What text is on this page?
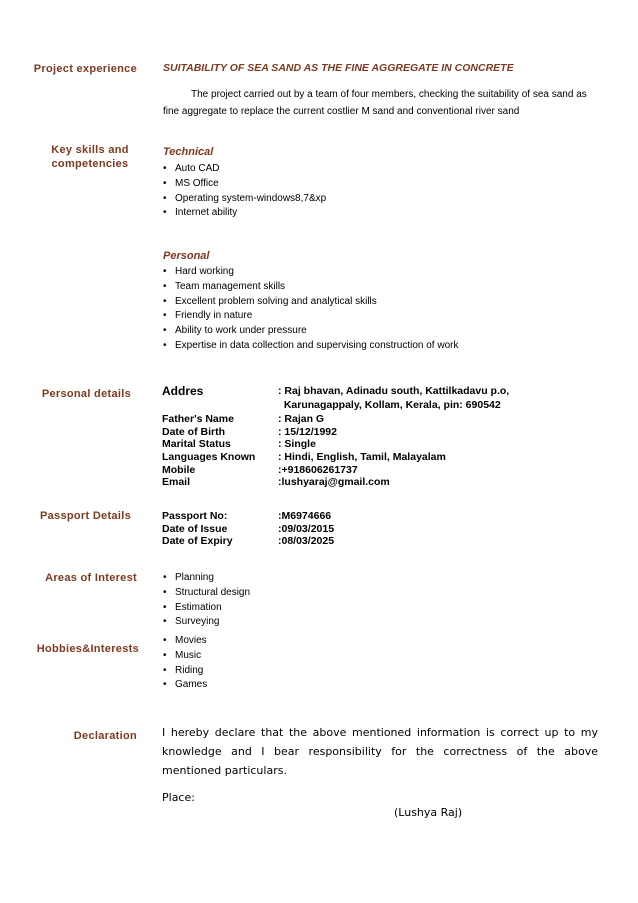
Project experience SUITABILITY OF SEA SAND AS THE FINE AGGREGATE IN CONCRETE
The project carried out by a team of four members, checking the suitability of sea sand as fine aggregate to replace the current costlier M sand and conventional river sand
Key skills and
competencies
Technical
• Auto CAD
• MS Office
• Operating system-windows8,7&xp
• Internet ability
Personal
• Hard working
• Team management skills
• Excellent problem solving and analytical skills
• Friendly in nature
• Ability to work under pressure
• Expertise in data collection and supervising construction of work
Personal details	Addres	: Raj bhavan, Adinadu south, Kattilkadavu p.o,
	Karunagappaly, Kollam, Kerala, pin: 690542
Father's Name	: Rajan G
Date of Birth	: 15/12/1992
Marital Status	: Single
Languages Known	: Hindi, English, Tamil, Malayalam
Mobile	:+918606261737
Email	:lushyaraj@gmail.com
Passport Details	Passport No:	:M6974666
Date of Issue	:09/03/2015
Date of Expiry	:08/03/2025
Areas of Interest	• Planning
• Structural design
• Estimation
• Surveying
Hobbies&Interests
• Movies
• Music
• Riding
• Games
Declaration I hereby declare that the above mentioned information is correct up to my knowledge and I bear responsibility for the correctness of the above mentioned particulars.
Place:
(Lushya Raj)
